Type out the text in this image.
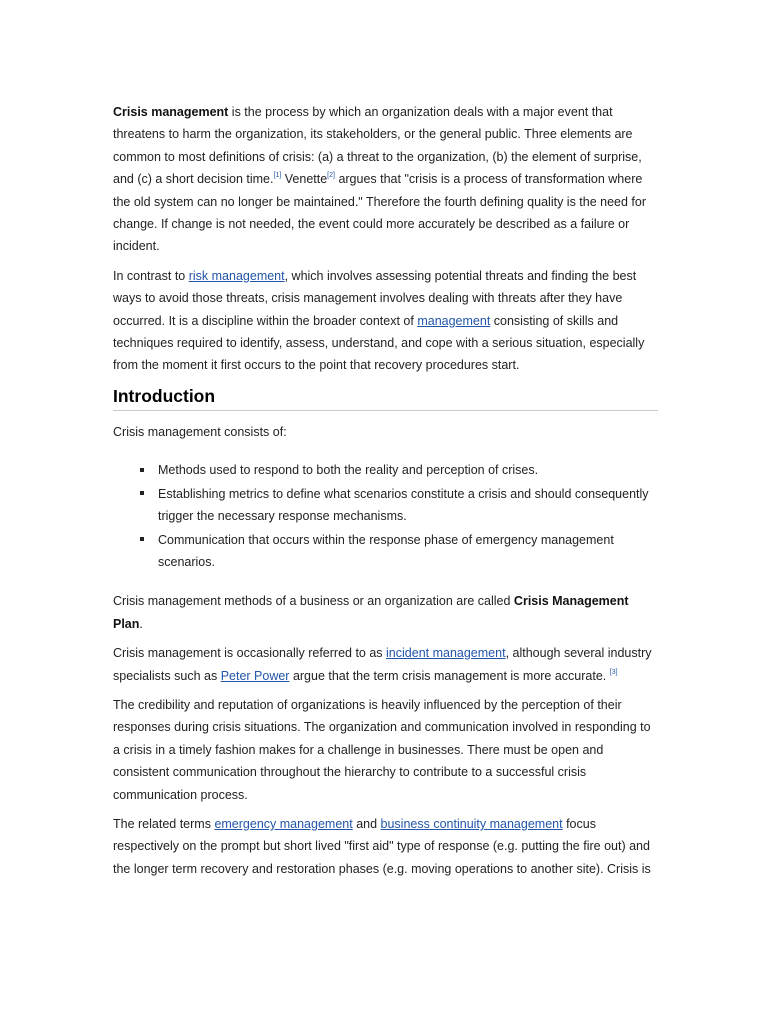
Crisis management is the process by which an organization deals with a major event that threatens to harm the organization, its stakeholders, or the general public. Three elements are common to most definitions of crisis: (a) a threat to the organization, (b) the element of surprise, and (c) a short decision time.[1] Venette[2] argues that "crisis is a process of transformation where the old system can no longer be maintained." Therefore the fourth defining quality is the need for change. If change is not needed, the event could more accurately be described as a failure or incident.

In contrast to risk management, which involves assessing potential threats and finding the best ways to avoid those threats, crisis management involves dealing with threats after they have occurred. It is a discipline within the broader context of management consisting of skills and techniques required to identify, assess, understand, and cope with a serious situation, especially from the moment it first occurs to the point that recovery procedures start.

Introduction

Crisis management consists of:

Methods used to respond to both the reality and perception of crises.
Establishing metrics to define what scenarios constitute a crisis and should consequently trigger the necessary response mechanisms.
Communication that occurs within the response phase of emergency management scenarios.

Crisis management methods of a business or an organization are called Crisis Management Plan.

Crisis management is occasionally referred to as incident management, although several industry specialists such as Peter Power argue that the term crisis management is more accurate. [3]

The credibility and reputation of organizations is heavily influenced by the perception of their responses during crisis situations. The organization and communication involved in responding to a crisis in a timely fashion makes for a challenge in businesses. There must be open and consistent communication throughout the hierarchy to contribute to a successful crisis communication process.

The related terms emergency management and business continuity management focus respectively on the prompt but short lived "first aid" type of response (e.g. putting the fire out) and the longer term recovery and restoration phases (e.g. moving operations to another site). Crisis is
